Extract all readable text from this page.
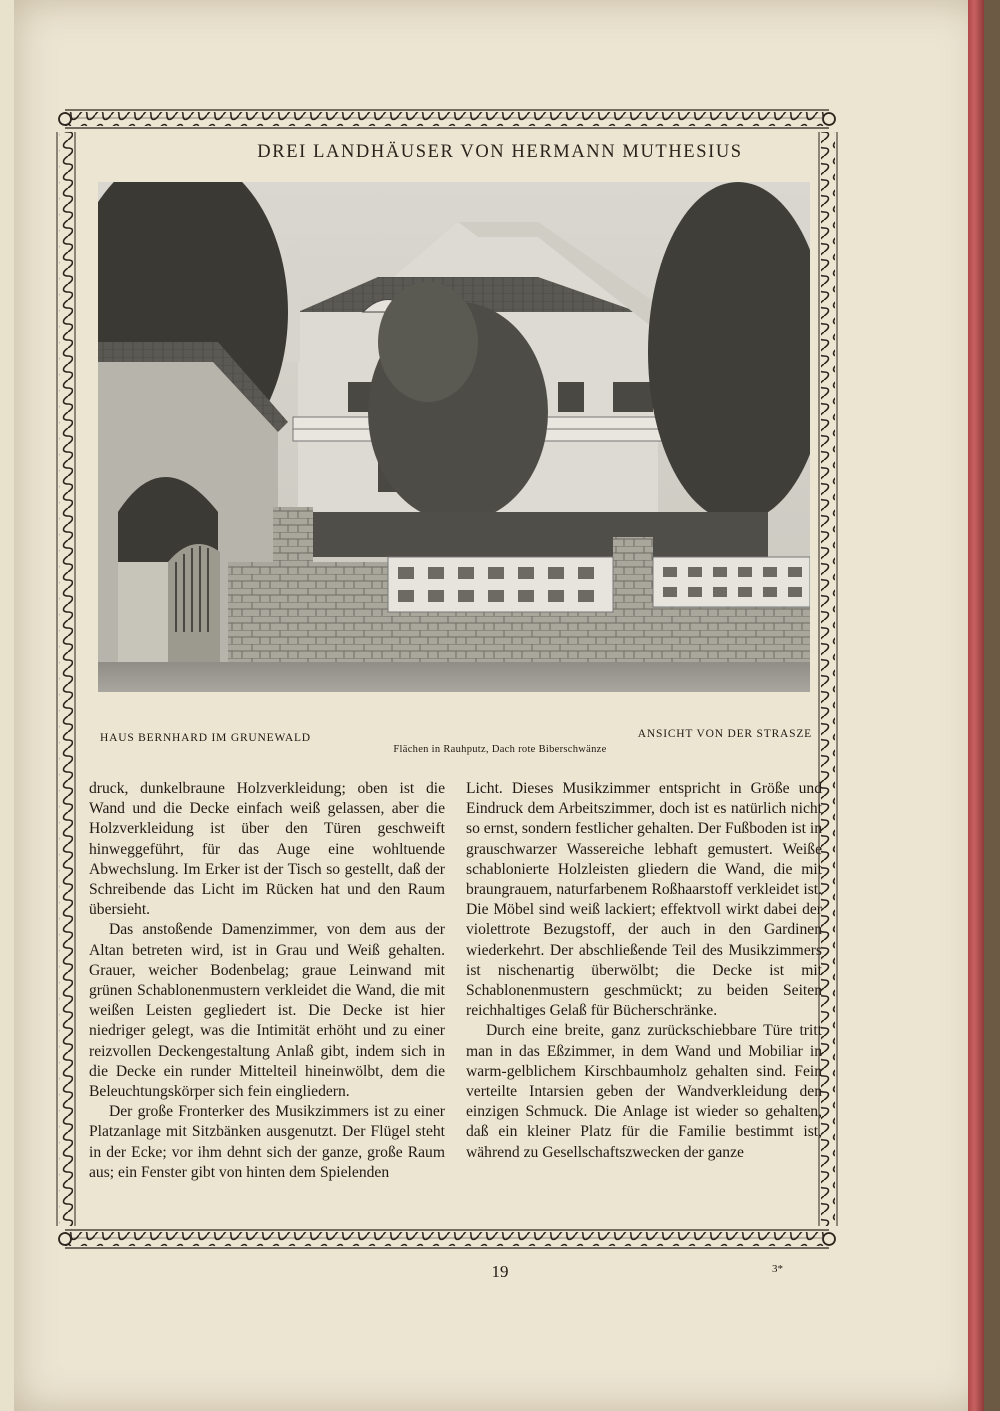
DREI LANDHÄUSER VON HERMANN MUTHESIUS
HAUS BERNHARD IM GRUNEWALD	ANSICHT VON DER STRASZE
Flächen in Rauhputz, Dach rote Biberschwänze

druck, dunkelbraune Holzverkleidung; oben ist die Wand und die Decke einfach weiß gelassen, aber die Holzverkleidung ist über den Türen geschweift hinweggeführt, für das Auge eine wohltuende Abwechslung. Im Erker ist der Tisch so gestellt, daß der Schreibende das Licht im Rücken hat und den Raum übersieht.

Das anstoßende Damenzimmer, von dem aus der Altan betreten wird, ist in Grau und Weiß gehalten. Grauer, weicher Bodenbelag; graue Leinwand mit grünen Schablonenmustern verkleidet die Wand, die mit weißen Leisten gegliedert ist. Die Decke ist hier niedriger gelegt, was die Intimität erhöht und zu einer reizvollen Deckengestaltung Anlaß gibt, indem sich in die Decke ein runder Mittelteil hineinwölbt, dem die Beleuchtungskörper sich fein eingliedern.

Der große Fronterker des Musikzimmers ist zu einer Platzanlage mit Sitzbänken ausgenutzt. Der Flügel steht in der Ecke; vor ihm dehnt sich der ganze, große Raum aus; ein Fenster gibt von hinten dem Spielenden

Licht. Dieses Musikzimmer entspricht in Größe und Eindruck dem Arbeitszimmer, doch ist es natürlich nicht so ernst, sondern festlicher gehalten. Der Fußboden ist in grauschwarzer Wassereiche lebhaft gemustert. Weiße schablonierte Holzleisten gliedern die Wand, die mit braungrauem, naturfarbenem Roßhaarstoff verkleidet ist. Die Möbel sind weiß lackiert; effektvoll wirkt dabei der violettrote Bezugstoff, der auch in den Gardinen wiederkehrt. Der abschließende Teil des Musikzimmers ist nischenartig überwölbt; die Decke ist mit Schablonenmustern geschmückt; zu beiden Seiten reichhaltiges Gelaß für Bücherschränke.

Durch eine breite, ganz zurückschiebbare Türe tritt man in das Eßzimmer, in dem Wand und Mobiliar in warm-gelblichem Kirschbaumholz gehalten sind. Fein verteilte Intarsien geben der Wandverkleidung den einzigen Schmuck. Die Anlage ist wieder so gehalten, daß ein kleiner Platz für die Familie bestimmt ist, während zu Gesellschaftszwecken der ganze

19	3*
